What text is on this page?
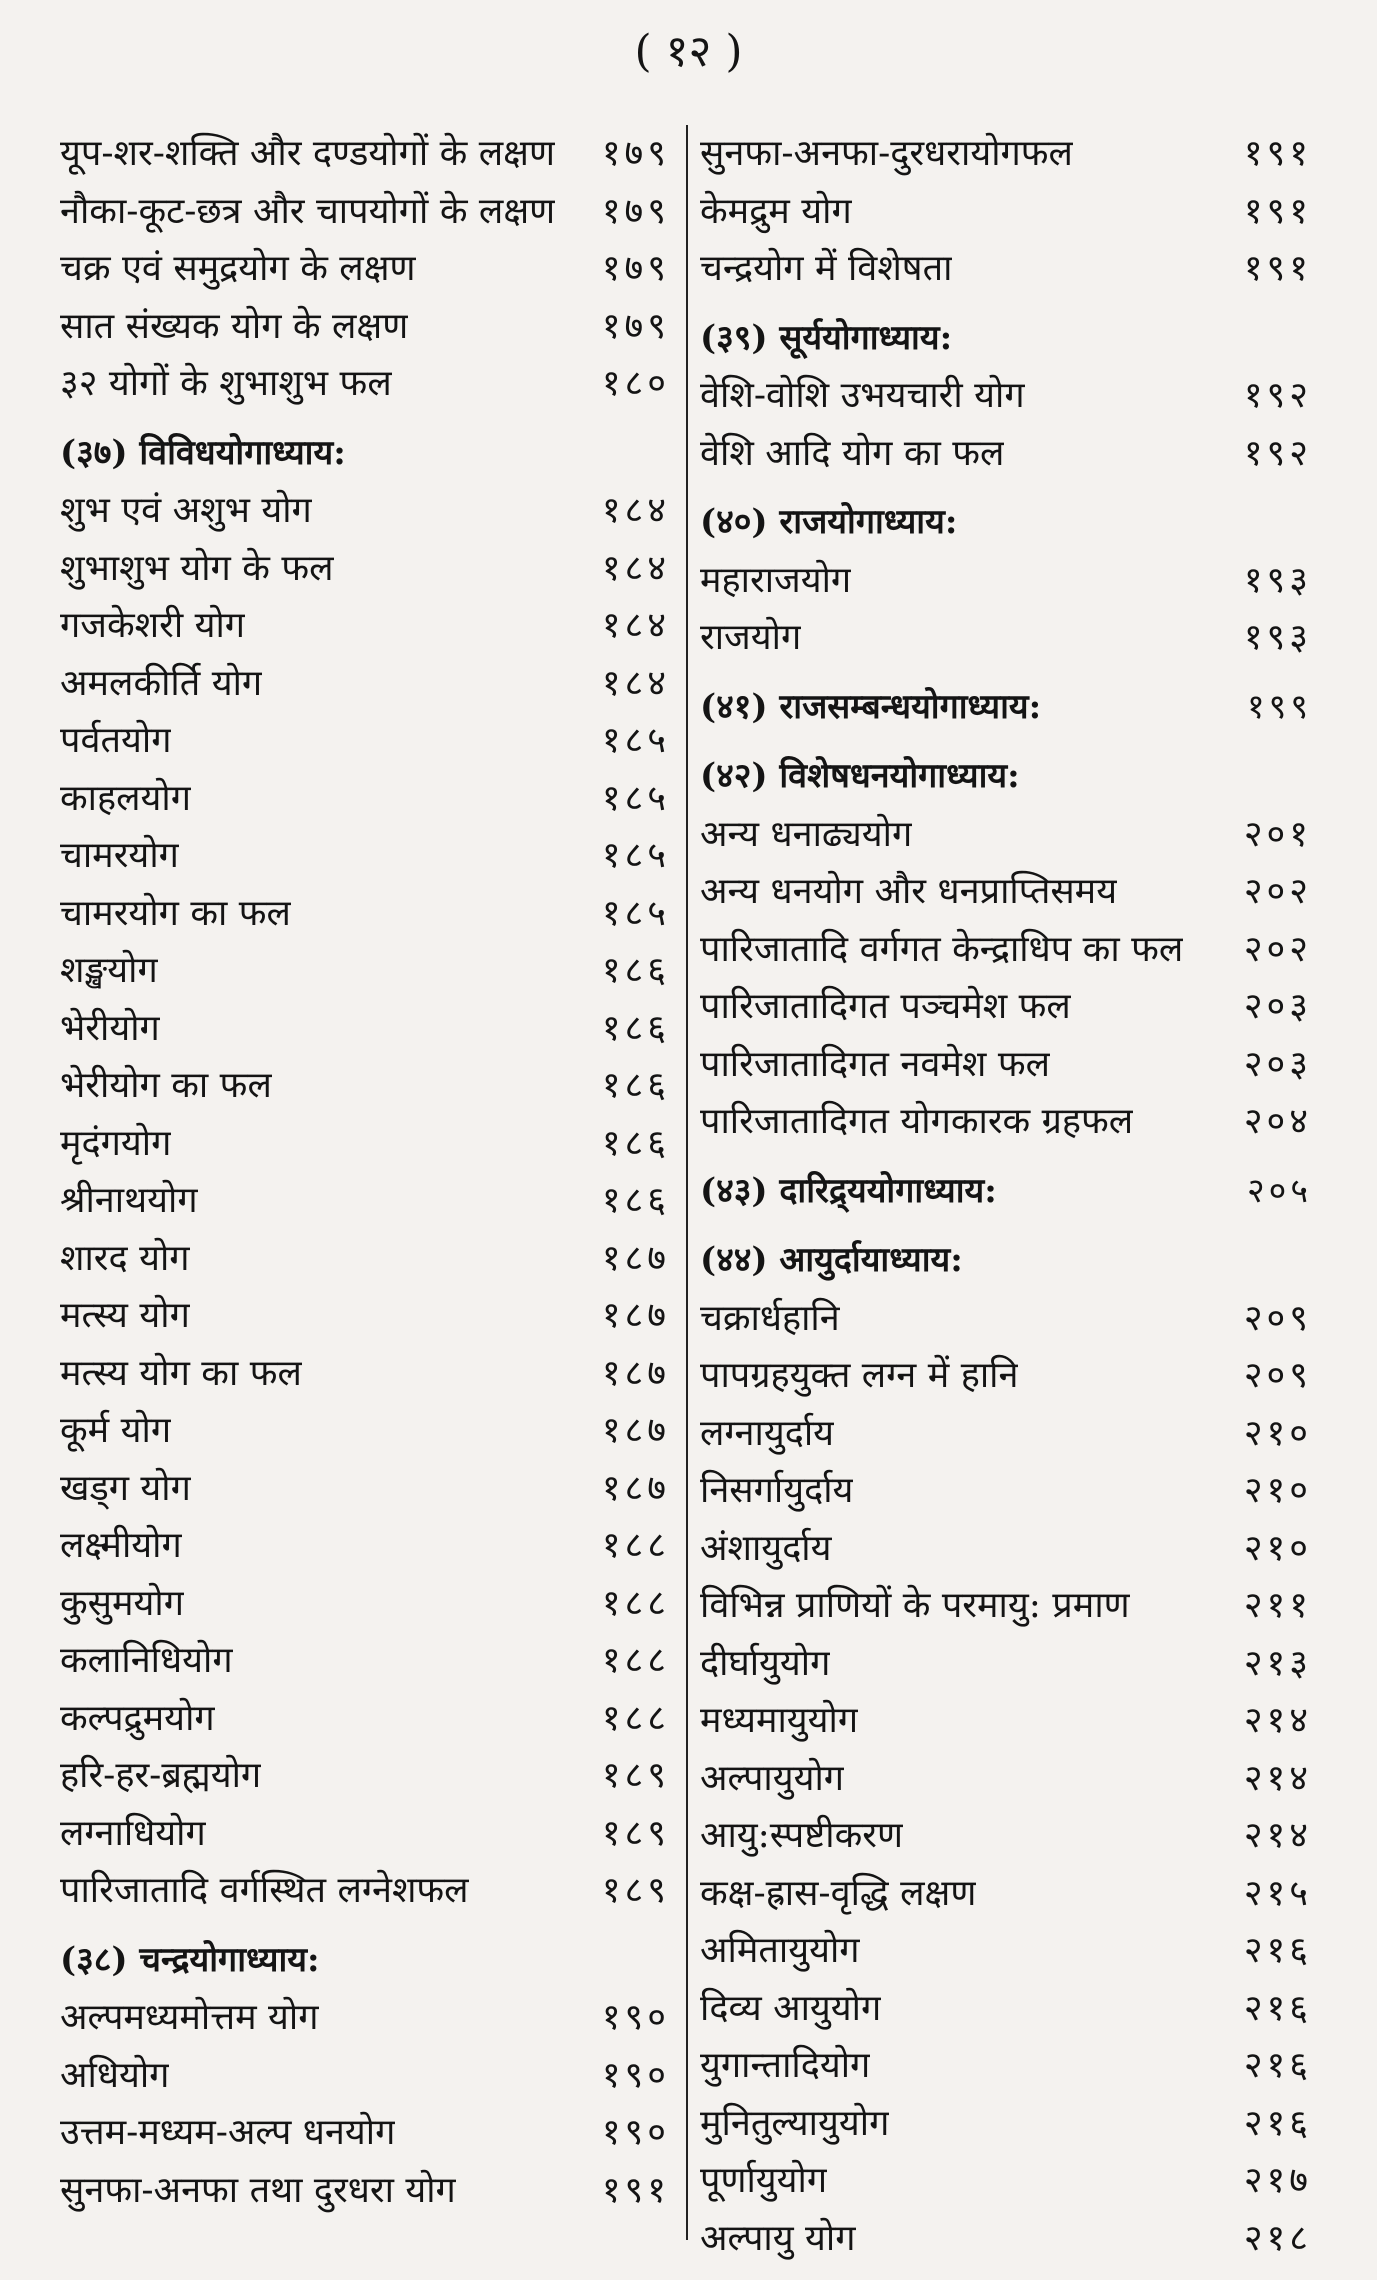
( १२ )
यूप-शर-शक्ति और दण्डयोगों के लक्षण १७९
नौका-कूट-छत्र और चापयोगों के लक्षण १७९
चक्र एवं समुद्रयोग के लक्षण	१७९
सात संख्यक योग के लक्षण	१७९
३२ योगों के शुभाशुभ फल	१८०
(३७) विविधयोगाध्याय:
शुभ एवं अशुभ योग	१८४
शुभाशुभ योग के फल	१८४
गजकेशरी योग	१८४
अमलकीर्ति योग	१८४
पर्वतयोग	१८५
काहलयोग	१८५
चामरयोग	१८५
चामरयोग का फल	१८५
शङ्खयोग	१८६
भेरीयोग	१८६
भेरीयोग का फल	१८६
मृदंगयोग	१८६
श्रीनाथयोग	१८६
शारद योग	१८७
मत्स्य योग	१८७
मत्स्य योग का फल	१८७
कूर्म योग	१८७
खड्ग योग	१८७
लक्ष्मीयोग	१८८
कुसुमयोग	१८८
कलानिधियोग	१८८
कल्पद्रुमयोग	१८८
हरि-हर-ब्रह्मयोग	१८९
लग्नाधियोग	१८९
पारिजातादि वर्गस्थित लग्नेशफल	१८९
(३८) चन्द्रयोगाध्याय:
अल्पमध्यमोत्तम योग	१९०
अधियोग	१९०
उत्तम-मध्यम-अल्प धनयोग	१९०
सुनफा-अनफा तथा दुरधरा योग	१९१
सुनफा-अनफा-दुरधरायोगफल	१९१
केमद्रुम योग	१९१
चन्द्रयोग में विशेषता	१९१
(३९) सूर्ययोगाध्याय:
वेशि-वोशि उभयचारी योग	१९२
वेशि आदि योग का फल	१९२
(४०) राजयोगाध्याय:
महाराजयोग	१९३
राजयोग	१९३
(४१) राजसम्बन्धयोगाध्याय:	१९९
(४२) विशेषधनयोगाध्याय:
अन्य धनाढ्ययोग	२०१
अन्य धनयोग और धनप्राप्तिसमय	२०२
पारिजातादि वर्गगत केन्द्राधिप का फल २०२
पारिजातादिगत पञ्चमेश फल	२०३
पारिजातादिगत नवमेश फल	२०३
पारिजातादिगत योगकारक ग्रहफल	२०४
(४३) दारिद्र्ययोगाध्याय:	२०५
(४४) आयुर्दायाध्याय:
चक्रार्धहानि	२०९
पापग्रहयुक्त लग्न में हानि	२०९
लग्नायुर्दाय	२१०
निसर्गायुर्दाय	२१०
अंशायुर्दाय	२१०
विभिन्न प्राणियों के परमायु: प्रमाण	२११
दीर्घायुयोग	२१३
मध्यमायुयोग	२१४
अल्पायुयोग	२१४
आयु:स्पष्टीकरण	२१४
कक्ष-ह्रास-वृद्धि लक्षण	२१५
अमितायुयोग	२१६
दिव्य आयुयोग	२१६
युगान्तादियोग	२१६
मुनितुल्यायुयोग	२१६
पूर्णायुयोग	२१७
अल्पायु योग	२१८
